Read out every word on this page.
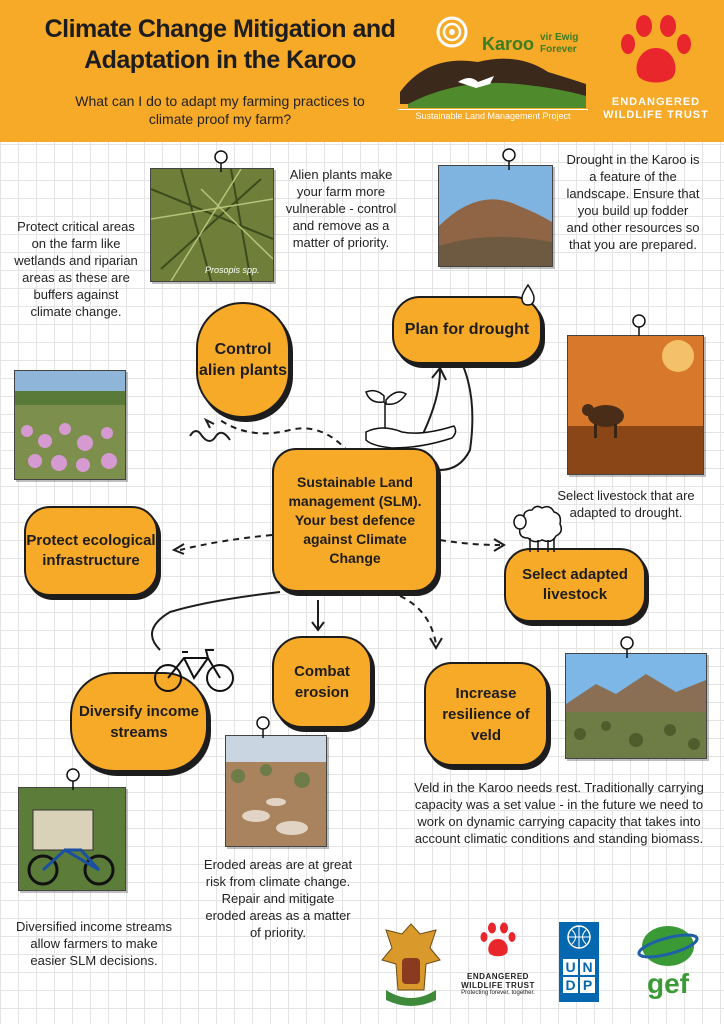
Climate Change Mitigation and Adaptation in the Karoo
What can I do to adapt my farming practices to climate proof my farm?
Karoo vir Ewig
Forever
Sustainable Land Management Project
ENDANGERED
WILDLIFE TRUST
Prosopis spp.
Alien plants make your farm more vulnerable - control and remove as a matter of priority.
Drought in the Karoo is a feature of the landscape. Ensure that you build up fodder and other resources so that you are prepared.
Protect critical areas on the farm like wetlands and riparian areas as these are buffers against climate change.
Select livestock that are adapted to drought.
Veld in the Karoo needs rest. Traditionally carrying capacity was a set value - in the future we need to work on dynamic carrying capacity that takes into account climatic conditions and standing biomass.
Eroded areas are at great risk from climate change. Repair and mitigate eroded areas as a matter of priority.
Diversified income streams allow farmers to make easier SLM decisions.
Control alien plants
Plan for drought
Sustainable Land management (SLM). Your best defence against Climate Change
Protect ecological infrastructure
Select adapted livestock
Diversify income streams
Combat erosion	Increase resilience of veld
ENDANGERED
WILDLIFE TRUST
Protecting forever, together.
U N
D P	gef
